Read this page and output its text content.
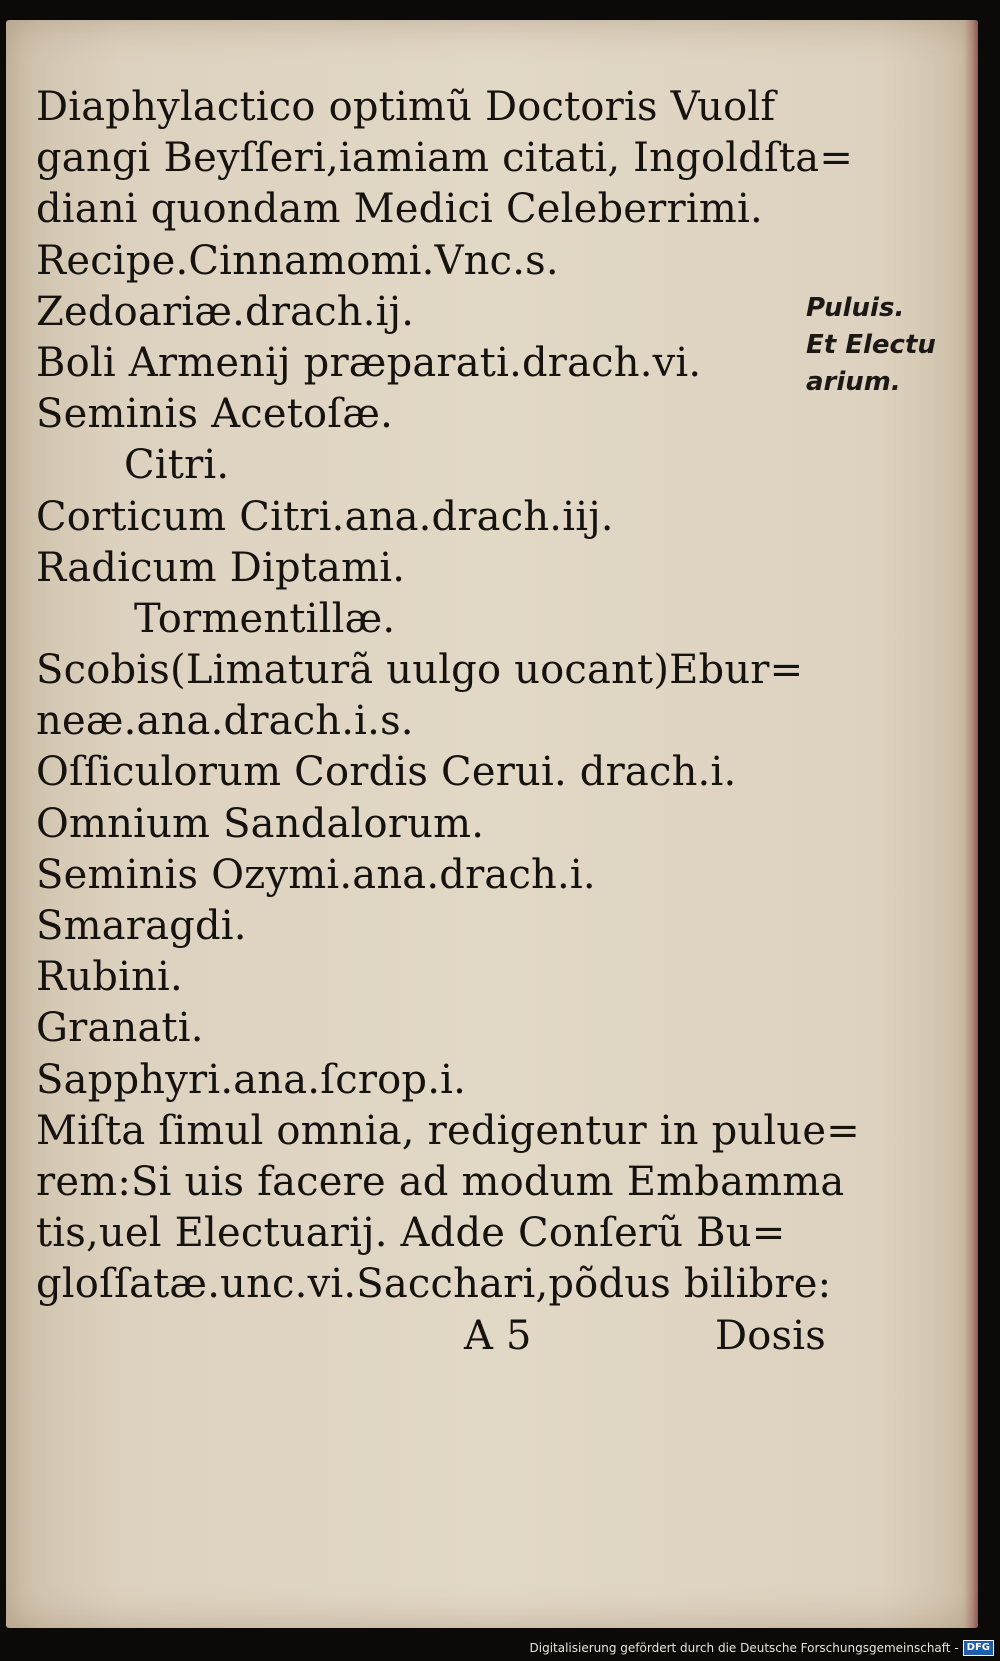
Diaphylactico optimũ Doctoris Vuolf
gangi Beyſſeri,iamiam citati, Ingoldſta=
diani quondam Medici Celeberrimi.
Recipe.Cinnamomi.Vnc.s.
Zedoariæ.drach.ij.
Boli Armenij præparati.drach.vi.
Seminis Acetoſæ.
Citri.
Corticum Citri.ana.drach.iij.
Radicum Diptami.
Tormentillæ.
Scobis(Limaturã uulgo uocant)Ebur=
neæ.ana.drach.i.s.
Oſſiculorum Cordis Cerui. drach.i.
Omnium Sandalorum.
Seminis Ozymi.ana.drach.i.
Smaragdi.
Rubini.
Granati.
Sapphyri.ana.ſcrop.i.
Miſta ſimul omnia, redigentur in pulue=
rem:Si uis facere ad modum Embamma
tis,uel Electuarij. Adde Conſerũ Bu=
gloſſatæ.unc.vi.Sacchari,põdus bilibre:
A 5	Dosis
Puluis.
Et Electu
arium.
Digitalisierung gefördert durch die Deutsche Forschungsgemeinschaft - DFG
